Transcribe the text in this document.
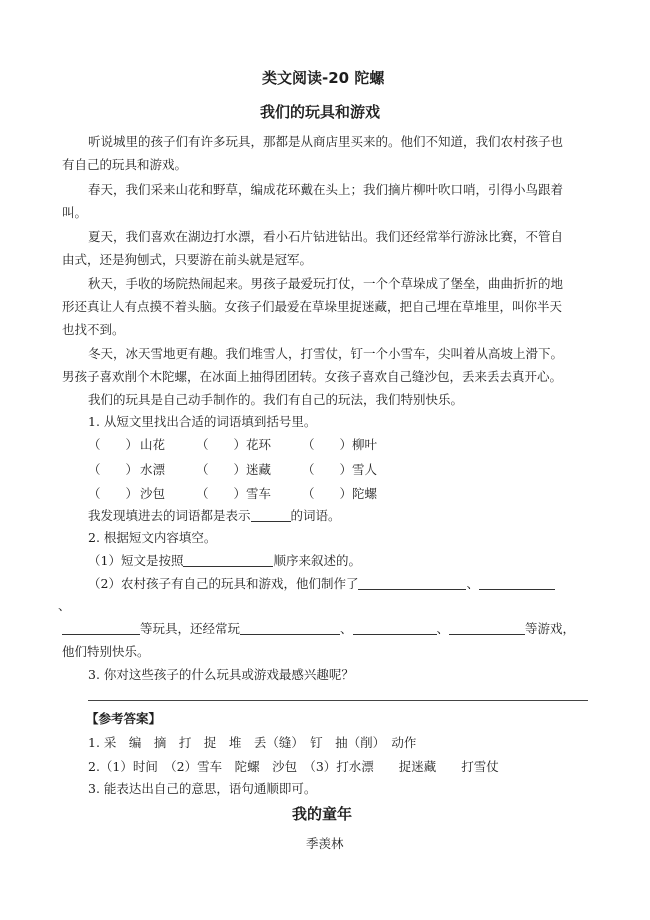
类文阅读-20 陀螺
我们的玩具和游戏
听说城里的孩子们有许多玩具，那都是从商店里买来的。他们不知道，我们农村孩子也
有自己的玩具和游戏。
春天，我们采来山花和野草，编成花环戴在头上；我们摘片柳叶吹口哨，引得小鸟跟着
叫。
夏天，我们喜欢在湖边打水漂，看小石片钻进钻出。我们还经常举行游泳比赛，不管自
由式，还是狗刨式，只要游在前头就是冠军。
秋天，手收的场院热闹起来。男孩子最爱玩打仗，一个个草垛成了堡垒，曲曲折折的地
形还真让人有点摸不着头脑。女孩子们最爱在草垛里捉迷藏，把自己埋在草堆里，叫你半天
也找不到。
冬天，冰天雪地更有趣。我们堆雪人，打雪仗，钉一个小雪车，尖叫着从高坡上滑下。
男孩子喜欢削个木陀螺，在冰面上抽得团团转。女孩子喜欢自己缝沙包，丢来丢去真开心。
我们的玩具是自己动手制作的。我们有自己的玩法，我们特别快乐。
1. 从短文里找出合适的词语填到括号里。
（　　） 山花 （　　） 花环 （　　） 柳叶
（　　） 水漂 （　　） 迷藏 （　　） 雪人
（　　） 沙包 （　　） 雪车 （　　） 陀螺
我发现填进去的词语都是表示	的词语。
2. 根据短文内容填空。
（1）短文是按照	顺序来叙述的。
（2）农村孩子有自己的玩具和游戏，他们制作了	、
、
等玩具，还经常玩	、	、	等游戏，
他们特别快乐。
3. 你对这些孩子的什么玩具或游戏最感兴趣呢？
【参考答案】
1. 采　编　摘　打　捉　堆　丢（缝）　钉　抽（削）　动作
2.（1）时间　（2）雪车　陀螺　沙包　（3）打水漂　　捉迷藏　　打雪仗
3. 能表达出自己的意思，语句通顺即可。
我的童年
季羡林
